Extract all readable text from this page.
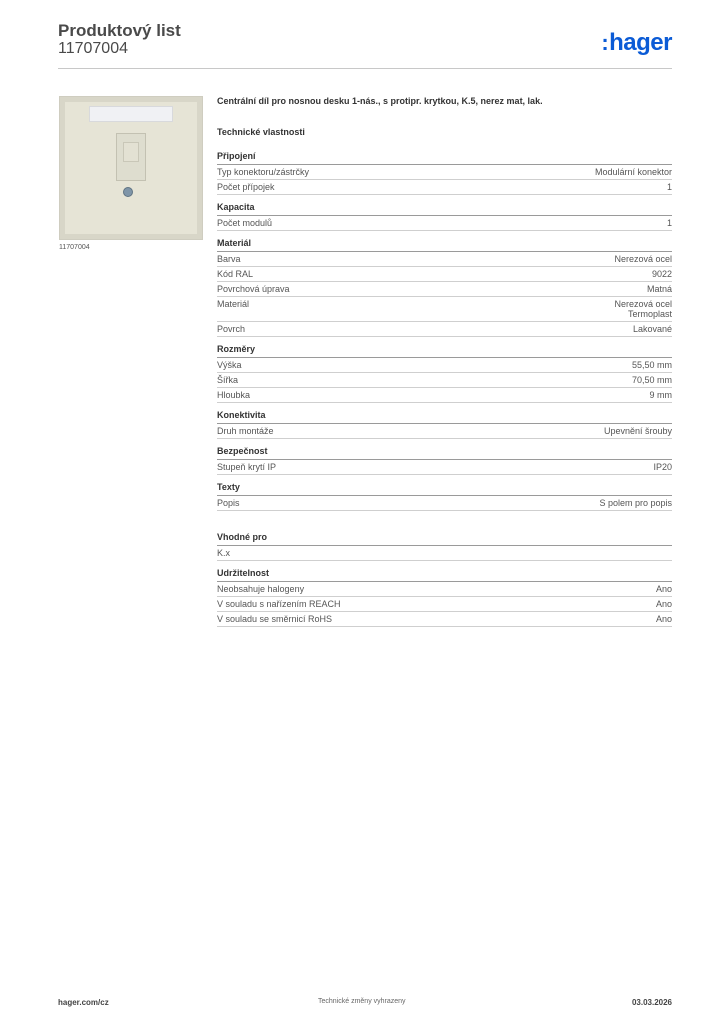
Produktový list
11707004	:hager
11707004

Centrální díl pro nosnou desku 1-nás., s protipr. krytkou, K.5, nerez mat, lak.

Technické vlastnosti

Připojení
Typ konektoru/zástrčky	Modulární konektor
Počet přípojek	1
Kapacita
Počet modulů	1
Materiál
Barva	Nerezová ocel
Kód RAL	9022
Povrchová úprava	Matná
Materiál	Nerezová ocel
Termoplast
Povrch	Lakované
Rozměry
Výška	55,50 mm
Šířka	70,50 mm
Hloubka	9 mm
Konektivita
Druh montáže	Upevnění šrouby
Bezpečnost
Stupeň krytí IP	IP20
Texty
Popis	S polem pro popis
Vhodné pro
K.x
Udržitelnost
Neobsahuje halogeny	Ano
V souladu s nařízením REACH	Ano
V souladu se směrnicí RoHS	Ano
hager.com/cz	Technické změny vyhrazeny	03.03.2026
